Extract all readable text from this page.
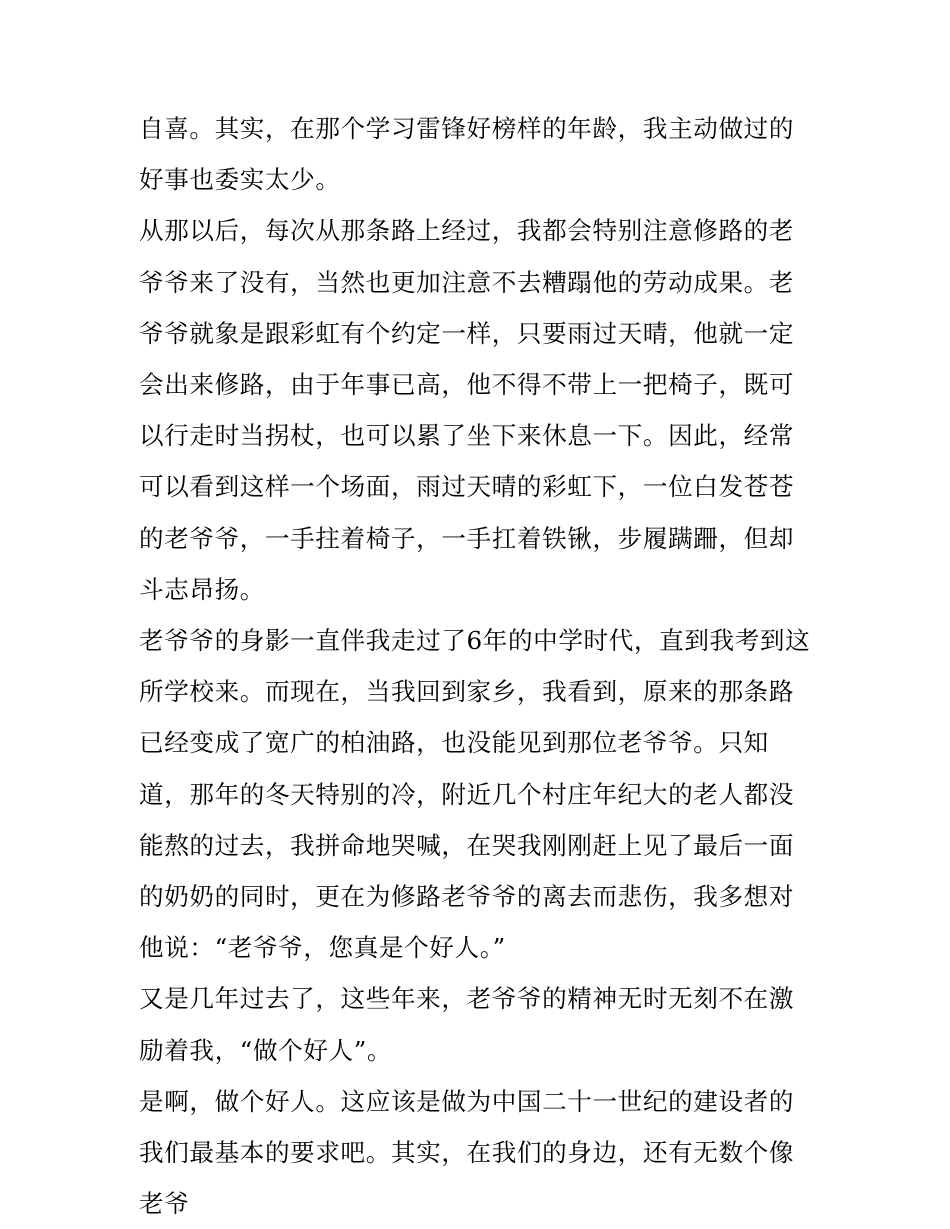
自喜。其实，在那个学习雷锋好榜样的年龄，我主动做过的好事也委实太少。

从那以后，每次从那条路上经过，我都会特别注意修路的老爷爷来了没有，当然也更加注意不去糟蹋他的劳动成果。老爷爷就象是跟彩虹有个约定一样，只要雨过天晴，他就一定会出来修路，由于年事已高，他不得不带上一把椅子，既可以行走时当拐杖，也可以累了坐下来休息一下。因此，经常可以看到这样一个场面，雨过天晴的彩虹下，一位白发苍苍的老爷爷，一手拄着椅子，一手扛着铁锹，步履蹒跚，但却斗志昂扬。

老爷爷的身影一直伴我走过了6年的中学时代，直到我考到这所学校来。而现在，当我回到家乡，我看到，原来的那条路已经变成了宽广的柏油路，也没能见到那位老爷爷。只知道，那年的冬天特别的冷，附近几个村庄年纪大的老人都没能熬的过去，我拼命地哭喊，在哭我刚刚赶上见了最后一面的奶奶的同时，更在为修路老爷爷的离去而悲伤，我多想对他说：“老爷爷，您真是个好人。”

又是几年过去了，这些年来，老爷爷的精神无时无刻不在激励着我，“做个好人”。

是啊，做个好人。这应该是做为中国二十一世纪的建设者的我们最基本的要求吧。其实，在我们的身边，还有无数个像老爷
